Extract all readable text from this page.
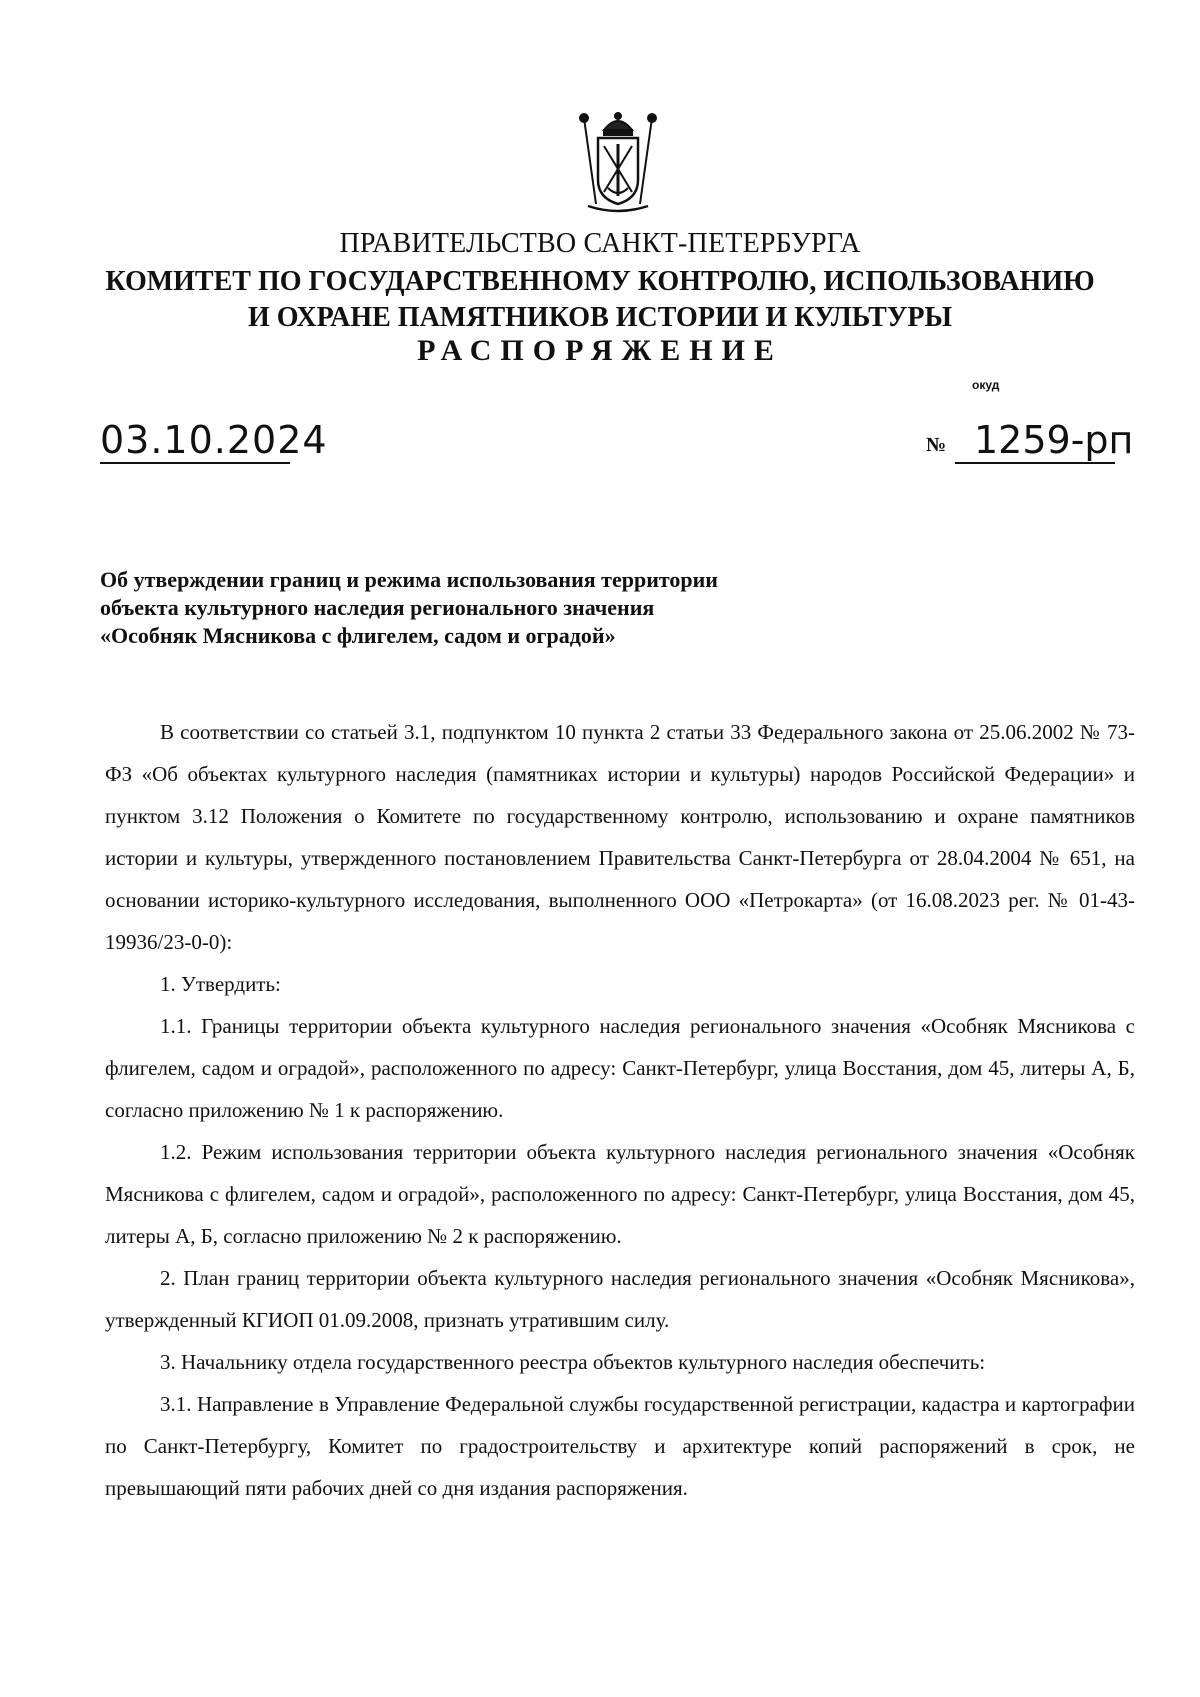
ПРАВИТЕЛЬСТВО САНКТ-ПЕТЕРБУРГА
КОМИТЕТ ПО ГОСУДАРСТВЕННОМУ КОНТРОЛЮ, ИСПОЛЬЗОВАНИЮ
И ОХРАНЕ ПАМЯТНИКОВ ИСТОРИИ И КУЛЬТУРЫ
РАСПОРЯЖЕНИЕ
окуд
03.10.2024	№ 1259-рп
Об утверждении границ и режима использования территории
объекта культурного наследия регионального значения
«Особняк Мясникова с флигелем, садом и оградой»

В соответствии со статьей 3.1, подпунктом 10 пункта 2 статьи 33 Федерального закона от 25.06.2002 № 73-ФЗ «Об объектах культурного наследия (памятниках истории и культуры) народов Российской Федерации» и пунктом 3.12 Положения о Комитете по государственному контролю, использованию и охране памятников истории и культуры, утвержденного постановлением Правительства Санкт-Петербурга от 28.04.2004 № 651, на основании историко-культурного исследования, выполненного ООО «Петрокарта» (от 16.08.2023 рег. № 01-43-19936/23-0-0):

1. Утвердить:

1.1. Границы территории объекта культурного наследия регионального значения «Особняк Мясникова с флигелем, садом и оградой», расположенного по адресу: Санкт-Петербург, улица Восстания, дом 45, литеры А, Б, согласно приложению № 1 к распоряжению.

1.2. Режим использования территории объекта культурного наследия регионального значения «Особняк Мясникова с флигелем, садом и оградой», расположенного по адресу: Санкт-Петербург, улица Восстания, дом 45, литеры А, Б, согласно приложению № 2 к распоряжению.

2. План границ территории объекта культурного наследия регионального значения «Особняк Мясникова», утвержденный КГИОП 01.09.2008, признать утратившим силу.

3. Начальнику отдела государственного реестра объектов культурного наследия обеспечить:

3.1. Направление в Управление Федеральной службы государственной регистрации, кадастра и картографии по Санкт-Петербургу, Комитет по градостроительству и архитектуре копий распоряжений в срок, не превышающий пяти рабочих дней со дня издания распоряжения.
